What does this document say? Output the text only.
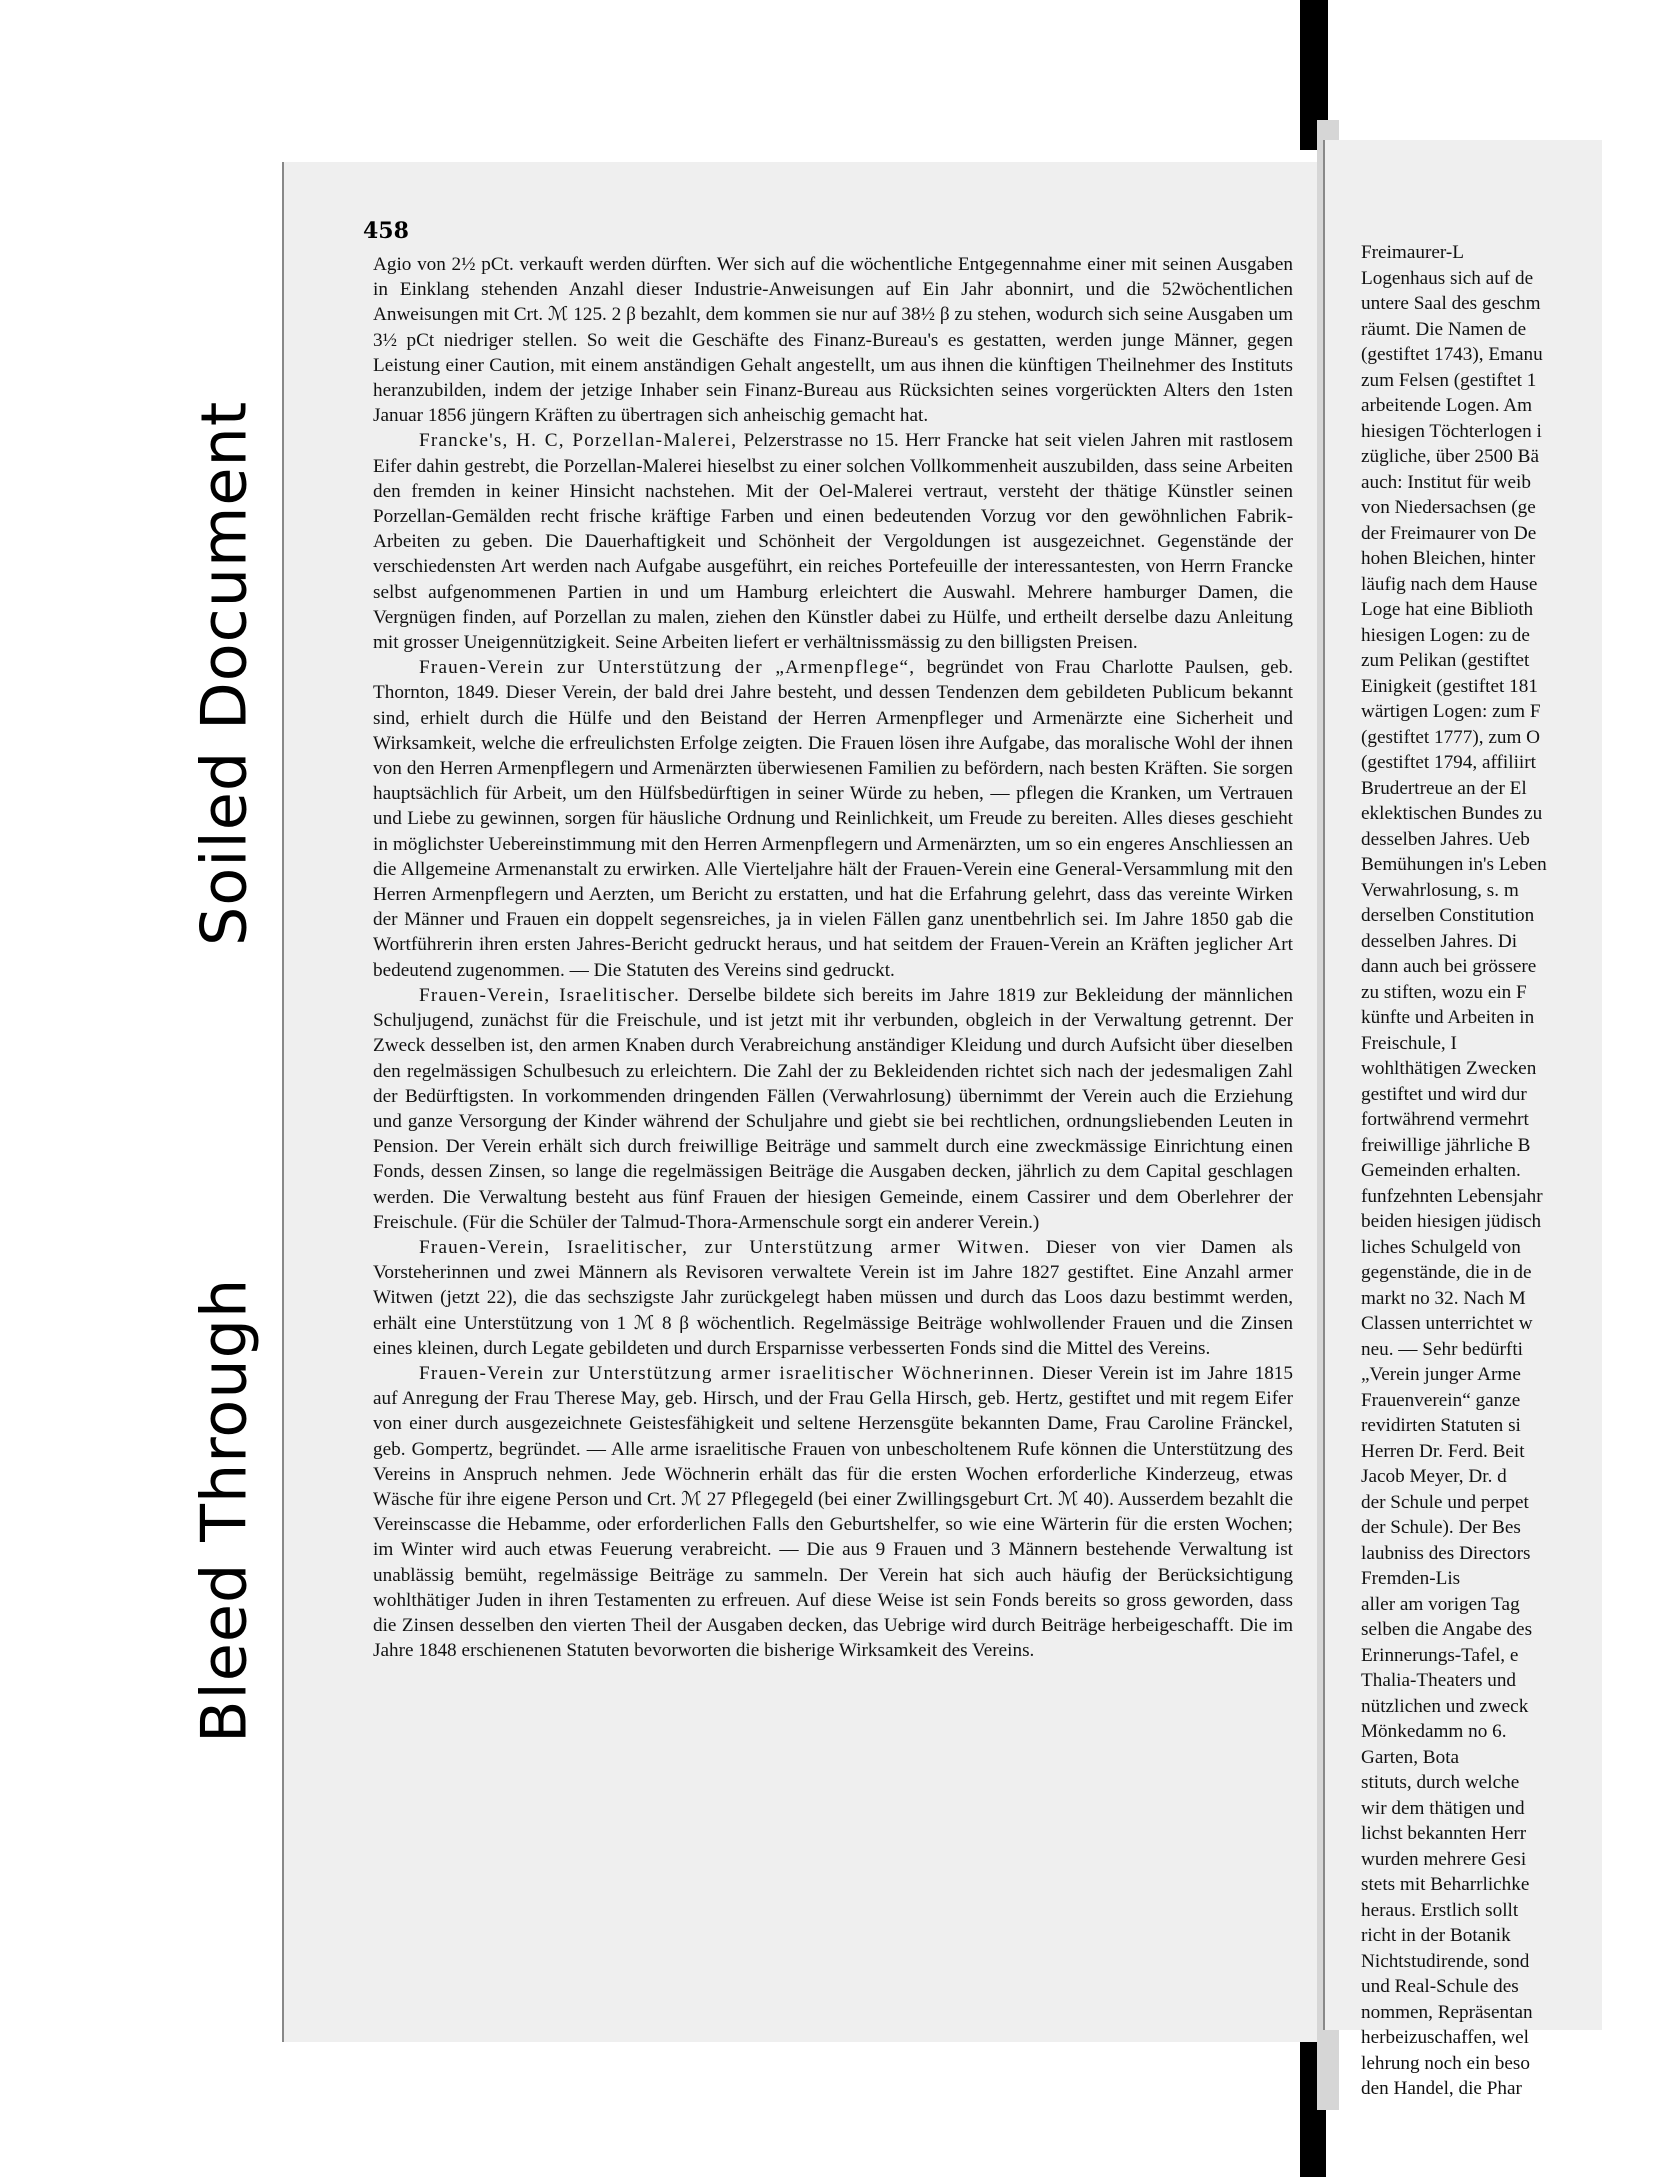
Soiled Document
Bleed Through
458

Agio von 2½ pCt. verkauft werden dürften. Wer sich auf die wöchentliche Entgegennahme einer mit seinen Ausgaben in Einklang stehenden Anzahl dieser Industrie-Anweisungen auf Ein Jahr abonnirt, und die 52wöchentlichen Anweisungen mit Crt. ℳ 125. 2 β bezahlt, dem kommen sie nur auf 38½ β zu stehen, wodurch sich seine Ausgaben um 3½ pCt niedriger stellen. So weit die Geschäfte des Finanz-Bureau's es gestatten, werden junge Männer, gegen Leistung einer Caution, mit einem anständigen Gehalt angestellt, um aus ihnen die künftigen Theilnehmer des Instituts heranzubilden, indem der jetzige Inhaber sein Finanz-Bureau aus Rücksichten seines vorgerückten Alters den 1sten Januar 1856 jüngern Kräften zu übertragen sich anheischig gemacht hat.

Francke's, H. C, Porzellan-Malerei, Pelzerstrasse no 15. Herr Francke hat seit vielen Jahren mit rastlosem Eifer dahin gestrebt, die Porzellan-Malerei hieselbst zu einer solchen Vollkommenheit auszubilden, dass seine Arbeiten den fremden in keiner Hinsicht nachstehen. Mit der Oel-Malerei vertraut, versteht der thätige Künstler seinen Porzellan-Gemälden recht frische kräftige Farben und einen bedeutenden Vorzug vor den gewöhnlichen Fabrik-Arbeiten zu geben. Die Dauerhaftigkeit und Schönheit der Vergoldungen ist ausgezeichnet. Gegenstände der verschiedensten Art werden nach Aufgabe ausgeführt, ein reiches Portefeuille der interessantesten, von Herrn Francke selbst aufgenommenen Partien in und um Hamburg erleichtert die Auswahl. Mehrere hamburger Damen, die Vergnügen finden, auf Porzellan zu malen, ziehen den Künstler dabei zu Hülfe, und ertheilt derselbe dazu Anleitung mit grosser Uneigennützigkeit. Seine Arbeiten liefert er verhältnissmässig zu den billigsten Preisen.

Frauen-Verein zur Unterstützung der „Armenpflege“, begründet von Frau Charlotte Paulsen, geb. Thornton, 1849. Dieser Verein, der bald drei Jahre besteht, und dessen Tendenzen dem gebildeten Publicum bekannt sind, erhielt durch die Hülfe und den Beistand der Herren Armenpfleger und Armenärzte eine Sicherheit und Wirksamkeit, welche die erfreulichsten Erfolge zeigten. Die Frauen lösen ihre Aufgabe, das moralische Wohl der ihnen von den Herren Armenpflegern und Armenärzten überwiesenen Familien zu befördern, nach besten Kräften. Sie sorgen hauptsächlich für Arbeit, um den Hülfsbedürftigen in seiner Würde zu heben, — pflegen die Kranken, um Vertrauen und Liebe zu gewinnen, sorgen für häusliche Ordnung und Reinlichkeit, um Freude zu bereiten. Alles dieses geschieht in möglichster Uebereinstimmung mit den Herren Armenpflegern und Armenärzten, um so ein engeres Anschliessen an die Allgemeine Armenanstalt zu erwirken. Alle Vierteljahre hält der Frauen-Verein eine General-Versammlung mit den Herren Armenpflegern und Aerzten, um Bericht zu erstatten, und hat die Erfahrung gelehrt, dass das vereinte Wirken der Männer und Frauen ein doppelt segensreiches, ja in vielen Fällen ganz unentbehrlich sei. Im Jahre 1850 gab die Wortführerin ihren ersten Jahres-Bericht gedruckt heraus, und hat seitdem der Frauen-Verein an Kräften jeglicher Art bedeutend zugenommen. — Die Statuten des Vereins sind gedruckt.

Frauen-Verein, Israelitischer. Derselbe bildete sich bereits im Jahre 1819 zur Bekleidung der männlichen Schuljugend, zunächst für die Freischule, und ist jetzt mit ihr verbunden, obgleich in der Verwaltung getrennt. Der Zweck desselben ist, den armen Knaben durch Verabreichung anständiger Kleidung und durch Aufsicht über dieselben den regelmässigen Schulbesuch zu erleichtern. Die Zahl der zu Bekleidenden richtet sich nach der jedesmaligen Zahl der Bedürftigsten. In vorkommenden dringenden Fällen (Verwahrlosung) übernimmt der Verein auch die Erziehung und ganze Versorgung der Kinder während der Schuljahre und giebt sie bei rechtlichen, ordnungsliebenden Leuten in Pension. Der Verein erhält sich durch freiwillige Beiträge und sammelt durch eine zweckmässige Einrichtung einen Fonds, dessen Zinsen, so lange die regelmässigen Beiträge die Ausgaben decken, jährlich zu dem Capital geschlagen werden. Die Verwaltung besteht aus fünf Frauen der hiesigen Gemeinde, einem Cassirer und dem Oberlehrer der Freischule. (Für die Schüler der Talmud-Thora-Armenschule sorgt ein anderer Verein.)

Frauen-Verein, Israelitischer, zur Unterstützung armer Witwen. Dieser von vier Damen als Vorsteherinnen und zwei Männern als Revisoren verwaltete Verein ist im Jahre 1827 gestiftet. Eine Anzahl armer Witwen (jetzt 22), die das sechszigste Jahr zurückgelegt haben müssen und durch das Loos dazu bestimmt werden, erhält eine Unterstützung von 1 ℳ 8 β wöchentlich. Regelmässige Beiträge wohlwollender Frauen und die Zinsen eines kleinen, durch Legate gebildeten und durch Ersparnisse verbesserten Fonds sind die Mittel des Vereins.

Frauen-Verein zur Unterstützung armer israelitischer Wöchnerinnen. Dieser Verein ist im Jahre 1815 auf Anregung der Frau Therese May, geb. Hirsch, und der Frau Gella Hirsch, geb. Hertz, gestiftet und mit regem Eifer von einer durch ausgezeichnete Geistesfähigkeit und seltene Herzensgüte bekannten Dame, Frau Caroline Fränckel, geb. Gompertz, begründet. — Alle arme israelitische Frauen von unbescholtenem Rufe können die Unterstützung des Vereins in Anspruch nehmen. Jede Wöchnerin erhält das für die ersten Wochen erforderliche Kinderzeug, etwas Wäsche für ihre eigene Person und Crt. ℳ 27 Pflegegeld (bei einer Zwillingsgeburt Crt. ℳ 40). Ausserdem bezahlt die Vereinscasse die Hebamme, oder erforderlichen Falls den Geburtshelfer, so wie eine Wärterin für die ersten Wochen; im Winter wird auch etwas Feuerung verabreicht. — Die aus 9 Frauen und 3 Männern bestehende Verwaltung ist unablässig bemüht, regelmässige Beiträge zu sammeln. Der Verein hat sich auch häufig der Berücksichtigung wohlthätiger Juden in ihren Testamenten zu erfreuen. Auf diese Weise ist sein Fonds bereits so gross geworden, dass die Zinsen desselben den vierten Theil der Ausgaben decken, das Uebrige wird durch Beiträge herbeigeschafft. Die im Jahre 1848 erschienenen Statuten bevorworten die bisherige Wirksamkeit des Vereins.

Freimaurer-L
Logenhaus sich auf de
untere Saal des geschm
räumt. Die Namen de
(gestiftet 1743), Emanu
zum Felsen (gestiftet 1
arbeitende Logen. Am
hiesigen Töchterlogen i
zügliche, über 2500 Bä
auch: Institut für weib
von Niedersachsen (ge
der Freimaurer von De
hohen Bleichen, hinter
läufig nach dem Hause
Loge hat eine Biblioth
hiesigen Logen: zu de
zum Pelikan (gestiftet
Einigkeit (gestiftet 181
wärtigen Logen: zum F
(gestiftet 1777), zum O
(gestiftet 1794, affiliirt
Brudertreue an der El
eklektischen Bundes zu
desselben Jahres. Ueb
Bemühungen in's Leben
Verwahrlosung, s. m
derselben Constitution
desselben Jahres. Di
dann auch bei grössere
zu stiften, wozu ein F
künfte und Arbeiten in
Freischule, I
wohlthätigen Zwecken
gestiftet und wird dur
fortwährend vermehrt
freiwillige jährliche B
Gemeinden erhalten.
funfzehnten Lebensjahr
beiden hiesigen jüdisch
liches Schulgeld von
gegenstände, die in de
markt no 32. Nach M
Classen unterrichtet w
neu. — Sehr bedürfti
„Verein junger Arme
Frauenverein“ ganze
revidirten Statuten si
Herren Dr. Ferd. Beit
Jacob Meyer, Dr. d
der Schule und perpet
der Schule). Der Bes
laubniss des Directors
Fremden-Lis
aller am vorigen Tag
selben die Angabe des
Erinnerungs-Tafel, e
Thalia-Theaters und
nützlichen und zweck
Mönkedamm no 6.
Garten, Bota
stituts, durch welche
wir dem thätigen und
lichst bekannten Herr
wurden mehrere Gesi
stets mit Beharrlichke
heraus. Erstlich sollt
richt in der Botanik
Nichtstudirende, sond
und Real-Schule des
nommen, Repräsentan
herbeizuschaffen, wel
lehrung noch ein beso
den Handel, die Phar
